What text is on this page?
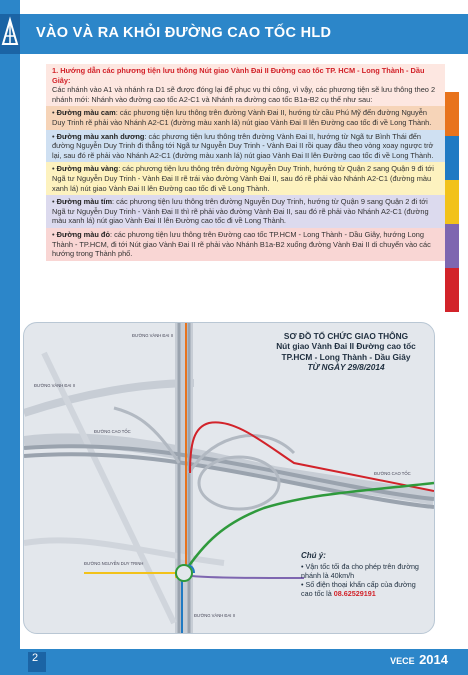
VÀO VÀ RA KHỎI ĐƯỜNG CAO TỐC HLD
1. Hướng dẫn các phương tiện lưu thông Nút giao Vành Đai II Đường cao tốc TP. HCM - Long Thành - Dầu Giây:
Các nhánh vào A1 và nhánh ra D1 sẽ được đóng lại để phục vụ thi công, vì vậy, các phương tiện sẽ lưu thông theo 2 nhánh mới: Nhánh vào đường cao tốc A2-C1 và Nhánh ra đường cao tốc B1a-B2 cụ thể như sau:
• Đường màu cam: các phương tiện lưu thông trên đường Vành Đai II, hướng từ cầu Phú Mỹ đến đường Nguyễn Duy Trinh rẽ phải vào Nhánh A2-C1 (đường màu xanh lá) nút giao Vành Đai II lên Đường cao tốc đi về Long Thành.
• Đường màu xanh dương: các phương tiện lưu thông trên đường Vành Đai II, hướng từ Ngã tư Bình Thái đến đường Nguyễn Duy Trinh đi thẳng tới Ngã tư Nguyễn Duy Trinh - Vành Đai II rồi quay đầu theo vòng xoay ngược trở lại, sau đó rẽ phải vào Nhánh A2-C1 (đường màu xanh lá) nút giao Vành Đai II lên Đường cao tốc đi về Long Thành.
• Đường màu vàng: các phương tiện lưu thông trên đường Nguyễn Duy Trinh, hướng từ Quận 2 sang Quận 9 đi tới Ngã tư Nguyễn Duy Trinh - Vành Đai II rẽ trái vào đường Vành Đai II, sau đó rẽ phải vào Nhánh A2-C1 (đường màu xanh lá) nút giao Vành Đai II lên Đường cao tốc đi về Long Thành.
• Đường màu tím: các phương tiện lưu thông trên đường Nguyễn Duy Trinh, hướng từ Quận 9 sang Quận 2 đi tới Ngã tư Nguyễn Duy Trinh - Vành Đai II thì rẽ phải vào đường Vành Đai II, sau đó rẽ phải vào Nhánh A2-C1 (đường màu xanh lá) nút giao Vành Đai II lên Đường cao tốc đi về Long Thành.
• Đường màu đỏ: các phương tiện lưu thông trên Đường cao tốc TP.HCM - Long Thành - Dầu Giây, hướng Long Thành - TP.HCM, đi tới Nút giao Vành Đai II rẽ phải vào Nhánh B1a-B2 xuống đường Vành Đai II di chuyển vào các hướng trong Thành phố.
ĐƯỜNG VÀNH ĐAI II
ĐƯỜNG CAO TỐC
ĐƯỜNG NGUYỄN DUY TRINH
ĐƯỜNG VÀNH ĐAI II
ĐƯỜNG CAO TỐC
ĐƯỜNG VÀNH ĐAI II
SƠ ĐỒ TỔ CHỨC GIAO THÔNG
Nút giao Vành Đai II Đường cao tốc
TP.HCM - Long Thành - Dầu Giây
TỪ NGÀY 29/8/2014
Chú ý:
• Vận tốc tối đa cho phép trên đường nhánh là 40km/h
• Số điện thoại khẩn cấp của đường cao tốc là 08.62529191
2	VECE 2014
